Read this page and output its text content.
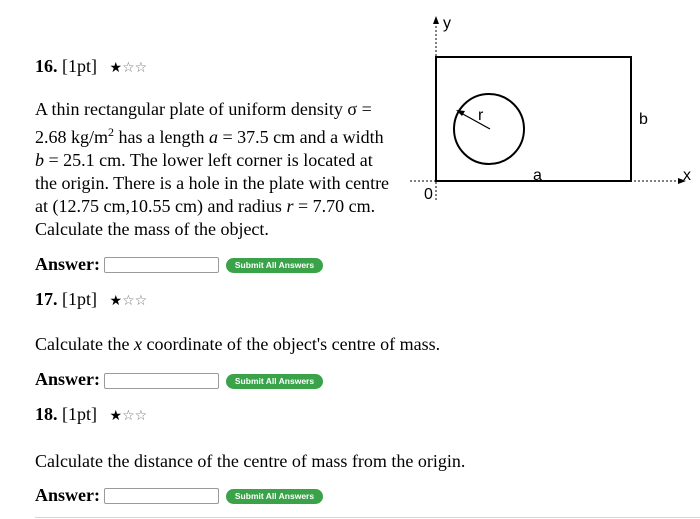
16. [1pt] ★☆☆
A thin rectangular plate of uniform density σ =
2.68 $kg/m^2$ has a length a = 37.5 cm and a width
b = 25.1 cm. The lower left corner is located at
the origin. There is a hole in the plate with centre
at (12.75 cm,10.55 cm) and radius r = 7.70 cm.
Calculate the mass of the object.
Answer:	Submit All Answers
17. [1pt] ★☆☆
Calculate the x coordinate of the object's centre of mass.
Answer:	Submit All Answers
18. [1pt] ★☆☆
Calculate the distance of the centre of mass from the origin.
Answer:	Submit All Answers
y
x
0
r
a
b
